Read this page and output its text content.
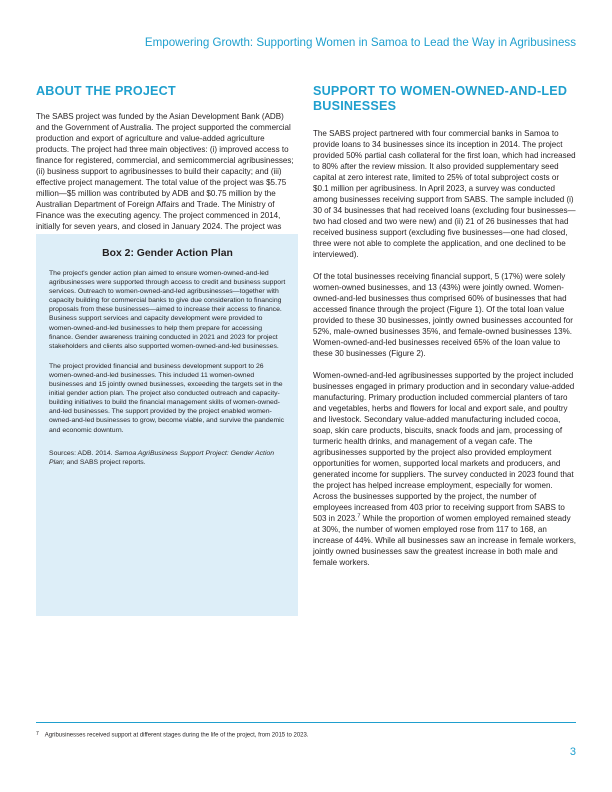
Empowering Growth: Supporting Women in Samoa to Lead the Way in Agribusiness
ABOUT THE PROJECT

The SABS project was funded by the Asian Development Bank (ADB) and the Government of Australia. The project supported the commercial production and export of agriculture and value-added agriculture products. The project had three main objectives: (i) improved access to finance for registered, commercial, and semicommercial agribusinesses; (ii) business support to agribusinesses to build their capacity; and (iii) effective project management. The total value of the project was $5.75 million—$5 million was contributed by ADB and $0.75 million by the Australian Department of Foreign Affairs and Trade. The Ministry of Finance was the executing agency. The project commenced in 2014, initially for seven years, and closed in January 2024. The project was

Box 2: Gender Action Plan

The project's gender action plan aimed to ensure women-owned-and-led agribusinesses were supported through access to credit and business support services. Outreach to women-owned-and-led agribusinesses—together with capacity building for commercial banks to give due consideration to financing proposals from these businesses—aimed to increase their access to finance. Business support services and capacity development were provided to women-owned-and-led businesses to help them prepare for accessing finance. Gender awareness training conducted in 2021 and 2023 for project stakeholders and clients also supported women-owned-and-led businesses.

The project provided financial and business development support to 26 women-owned-and-led businesses. This included 11 women-owned businesses and 15 jointly owned businesses, exceeding the targets set in the initial gender action plan. The project also conducted outreach and capacity-building initiatives to build the financial management skills of women-owned-and-led businesses. The support provided by the project enabled women-owned-and-led businesses to grow, become viable, and survive the pandemic and economic downturn.

Sources: ADB. 2014. Samoa AgriBusiness Support Project: Gender Action Plan; and SABS project reports.

SUPPORT TO WOMEN-OWNED-AND-LED BUSINESSES

The SABS project partnered with four commercial banks in Samoa to provide loans to 34 businesses since its inception in 2014. The project provided 50% partial cash collateral for the first loan, which had increased to 80% after the review mission. It also provided supplementary seed capital at zero interest rate, limited to 25% of total subproject costs or $0.1 million per agribusiness. In April 2023, a survey was conducted among businesses receiving support from SABS. The sample included (i) 30 of 34 businesses that had received loans (excluding four businesses—two had closed and two were new) and (ii) 21 of 26 businesses that had received business support (excluding five businesses—one had closed, three were not able to complete the application, and one declined to be interviewed).

Of the total businesses receiving financial support, 5 (17%) were solely women-owned businesses, and 13 (43%) were jointly owned. Women-owned-and-led businesses thus comprised 60% of businesses that had accessed finance through the project (Figure 1). Of the total loan value provided to these 30 businesses, jointly owned businesses accounted for 52%, male-owned businesses 35%, and female-owned businesses 13%. Women-owned-and-led businesses received 65% of the loan value to these 30 businesses (Figure 2).

Women-owned-and-led agribusinesses supported by the project included businesses engaged in primary production and in secondary value-added manufacturing. Primary production included commercial planters of taro and vegetables, herbs and flowers for local and export sale, and poultry and livestock. Secondary value-added manufacturing included cocoa, soap, skin care products, biscuits, snack foods and jam, processing of turmeric health drinks, and management of a vegan cafe. The agribusinesses supported by the project also provided employment opportunities for women, supported local markets and producers, and generated income for suppliers. The survey conducted in 2023 found that the project has helped increase employment, especially for women. Across the businesses supported by the project, the number of employees increased from 403 prior to receiving support from SABS to 503 in 2023.$^7$ While the proportion of women employed remained steady at 30%, the number of women employed rose from 117 to 168, an increase of 44%. While all businesses saw an increase in female workers, jointly owned businesses saw the greatest increase in both male and female workers.

$^7$ Agribusinesses received support at different stages during the life of the project, from 2015 to 2023.
3
